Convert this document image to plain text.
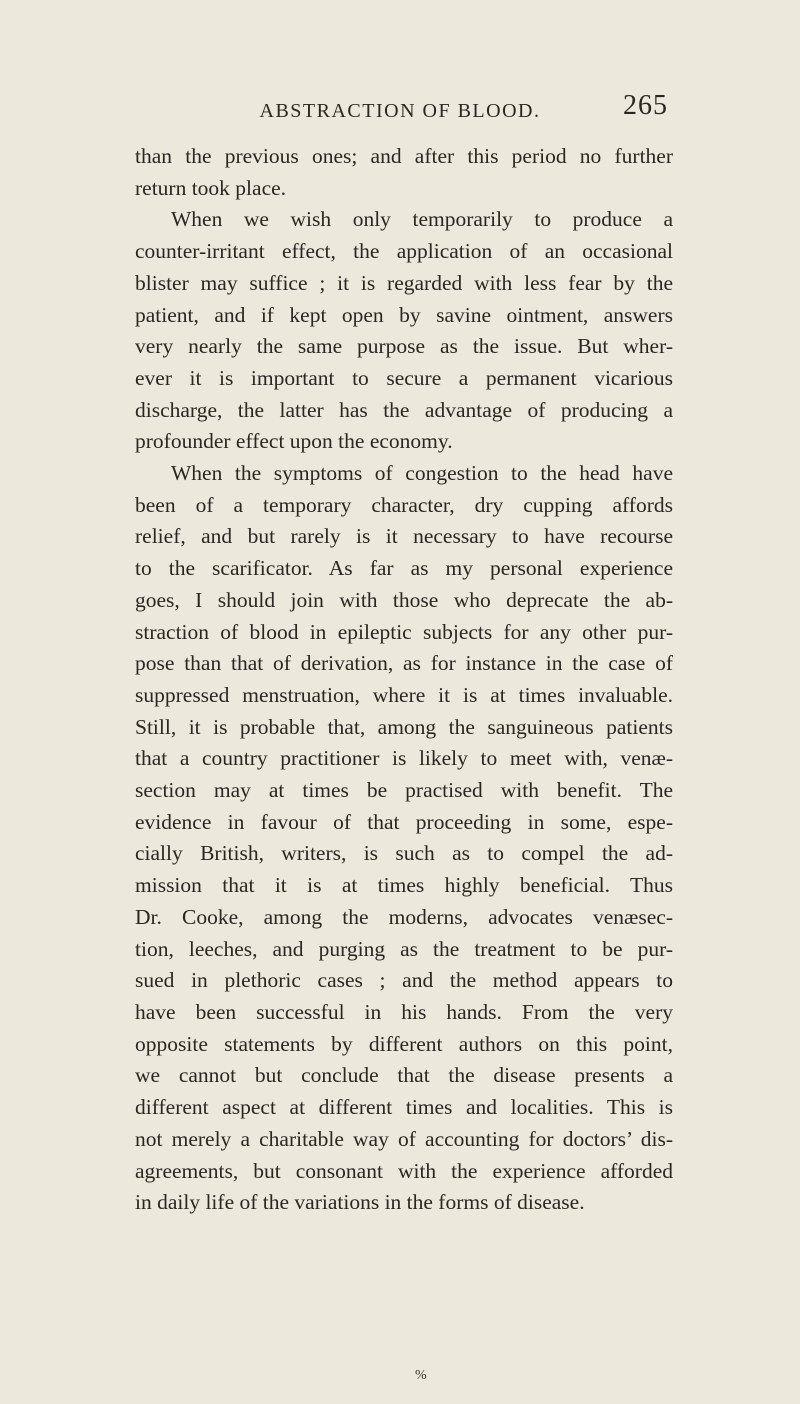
ABSTRACTION OF BLOOD.	265
than the previous ones; and after this period no further
return took place.
When we wish only temporarily to produce a
counter-irritant effect, the application of an occasional
blister may suffice ; it is regarded with less fear by the
patient, and if kept open by savine ointment, answers
very nearly the same purpose as the issue. But wher-
ever it is important to secure a permanent vicarious
discharge, the latter has the advantage of producing a
profounder effect upon the economy.
When the symptoms of congestion to the head have
been of a temporary character, dry cupping affords
relief, and but rarely is it necessary to have recourse
to the scarificator. As far as my personal experience
goes, I should join with those who deprecate the ab-
straction of blood in epileptic subjects for any other pur-
pose than that of derivation, as for instance in the case of
suppressed menstruation, where it is at times invaluable.
Still, it is probable that, among the sanguineous patients
that a country practitioner is likely to meet with, venæ-
section may at times be practised with benefit. The
evidence in favour of that proceeding in some, espe-
cially British, writers, is such as to compel the ad-
mission that it is at times highly beneficial. Thus
Dr. Cooke, among the moderns, advocates venæsec-
tion, leeches, and purging as the treatment to be pur-
sued in plethoric cases ; and the method appears to
have been successful in his hands. From the very
opposite statements by different authors on this point,
we cannot but conclude that the disease presents a
different aspect at different times and localities. This is
not merely a charitable way of accounting for doctors’ dis-
agreements, but consonant with the experience afforded
in daily life of the variations in the forms of disease.
%
